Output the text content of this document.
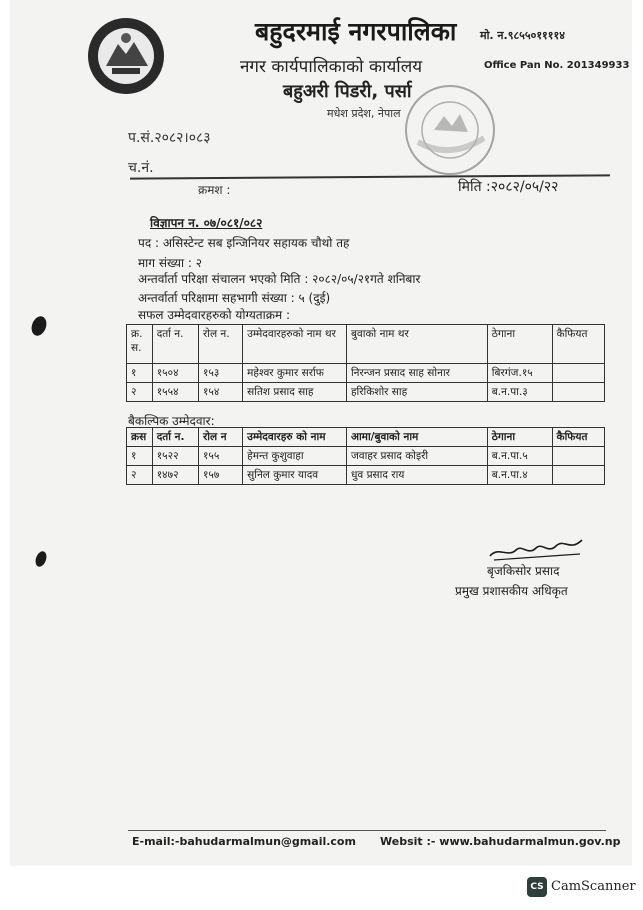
बहुदरमाई नगरपालिका
नगर कार्यपालिकाको कार्यालय
बहुअरी पिडरी, पर्सा
मधेश प्रदेश, नेपाल
मो. न.९८५५०११११४
Office Pan No. 201349933
प.सं.२०८२।०८३
च.नं.
क्रमश :	मिति :२०८२/०५/२२
विज्ञापन न. ०७/०८१/०८२
पद : असिस्टेन्ट सब इन्जिनियर सहायक चौथो तह
माग संख्या : २
अन्तर्वार्ता परिक्षा संचालन भएको मिति : २०८२/०५/२१गते शनिबार
अन्तर्वार्ता परिक्षामा सहभागी संख्या : ५ (दुई)
सफल उम्मेदवारहरुको योग्यताक्रम :
क्र. स.	दर्ता न.	रोल न.	उम्मेदवारहरुको नाम थर	बुवाको नाम थर	ठेगाना	कैफियत
१	१५०४	१५३	महेश्वर कुमार सर्राफ	निरन्जन प्रसाद साह सोनार	बिरगंज.१५	
२	१५५४	१५४	सतिश प्रसाद साह	हरिकिशोर साह	ब.न.पा.३	
बैकल्पिक उम्मेदवार:
क्रस	दर्ता न.	रोल न	उम्मेदवारहरु को नाम	आमा/बुवाको नाम	ठेगाना	कैफियत
१	१५२२	१५५	हेमन्त कुशुवाहा	जवाहर प्रसाद कोइरी	ब.न.पा.५	
२	१४७२	१५७	सुनिल कुमार यादव	धुव प्रसाद राय	ब.न.पा.४	
बृजकिसोर प्रसाद
प्रमुख प्रशासकीय अधिकृत
E-mail:-bahudarmalmun@gmail.com Websit :- www.bahudarmalmun.gov.np
CS CamScanner
